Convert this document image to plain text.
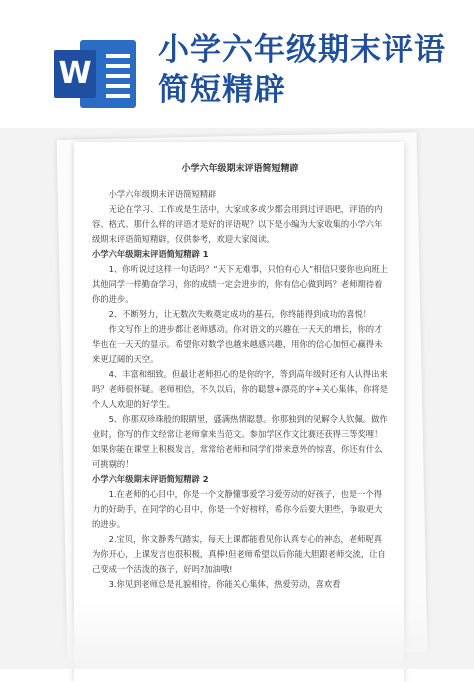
W
小学六年级期末评语简短精辟

小学六年级期末评语简短精辟

小学六年级期末评语简短精辟

无论在学习、工作或是生活中，大家或多或少都会用到过评语吧，评语的内容、格式、那什么样的评语才是好的评语呢？以下是小编为大家收集的小学六年级期末评语简短精辟，仅供参考，欢迎大家阅读。

小学六年级期末评语简短精辟 1

1、你听说过这样一句话吗？“天下无难事，只怕有心人”相信只要你也向班上其他同学一样勤奋学习，你的成绩一定会进步的，你有信心做到吗？老师期待着你的进步。

2、不断努力，让无数次失败奠定成功的基石，你终能得到成功的喜悦！

作文写作上的进步都让老师感动。你对语文的兴趣在一天天的增长，你的才华也在一天天的显示。希望你对数学也越来越感兴趣，用你的信心加恒心赢得未来更辽阔的天空。

4、丰富和细致。但最让老师担心的是你的字，等到高年级时还有人认得出来吗？老师很怀疑。老师相信，不久以后，你的聪慧+漂亮的字+关心集体，你将是个人人欢迎的好学生。

5、你那双珍珠般的眼睛里，盛满热情聪慧。你那独到的见解令人钦佩。做作业时，你写的作文经常让老师拿来当范文。参加学区作文比赛还获得三等奖哩！如果你能在课堂上积极发言，常常给老师和同学们带来意外的惊喜，你还有什么可挑剔的！

小学六年级期末评语简短精辟 2

1.在老师的心目中，你是一个文静懂事爱学习爱劳动的好孩子，也是一个得力的好助手，在同学的心目中，你是一个好榜样，希你今后要大胆些，争取更大的进步。

2.宝贝，你文静秀气踏实，每天上课都能看见你认真专心的神态，老师呢真为你开心，上课发言也很积极，真棒!但老师希望以后你能大胆跟老师交流，让自己变成一个活泼的孩子，好吗?加油哦!

3.你见到老师总是礼貌相待，你能关心集体，热爱劳动，喜欢看
